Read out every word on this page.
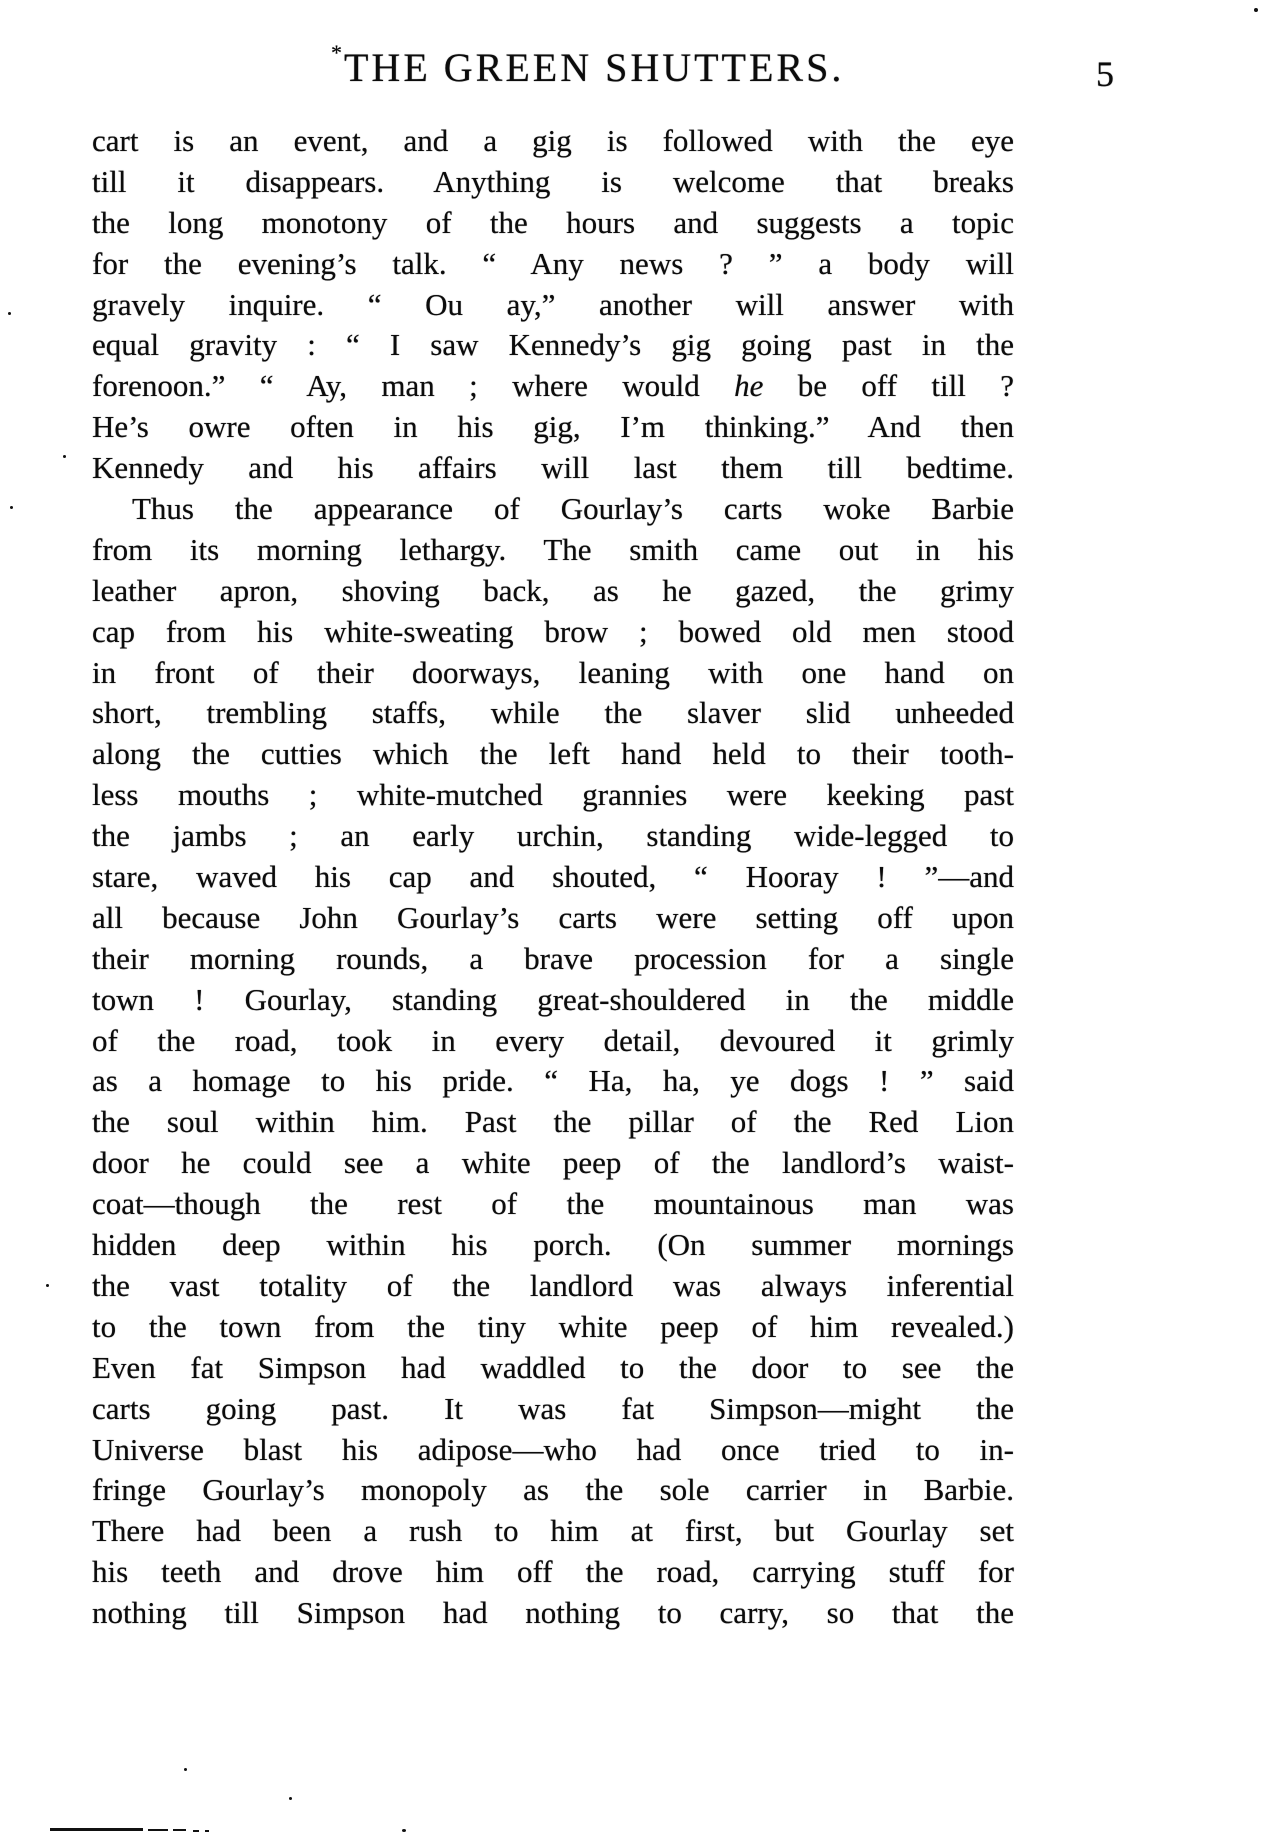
* THE GREEN SHUTTERS.	5
cart is an event, and a gig is followed with the eye
till it disappears. Anything is welcome that breaks
the long monotony of the hours and suggests a topic
for the evening’s talk. “ Any news ? ” a body will
gravely inquire. “ Ou ay,” another will answer with
equal gravity : “ I saw Kennedy’s gig going past in the
forenoon.” “ Ay, man ; where would he be off till ?
He’s owre often in his gig, I’m thinking.” And then
Kennedy and his affairs will last them till bedtime.
Thus the appearance of Gourlay’s carts woke Barbie
from its morning lethargy. The smith came out in his
leather apron, shoving back, as he gazed, the grimy
cap from his white-sweating brow ; bowed old men stood
in front of their doorways, leaning with one hand on
short, trembling staffs, while the slaver slid unheeded
along the cutties which the left hand held to their tooth-
less mouths ; white-mutched grannies were keeking past
the jambs ; an early urchin, standing wide-legged to
stare, waved his cap and shouted, “ Hooray ! ”—and
all because John Gourlay’s carts were setting off upon
their morning rounds, a brave procession for a single
town ! Gourlay, standing great-shouldered in the middle
of the road, took in every detail, devoured it grimly
as a homage to his pride. “ Ha, ha, ye dogs ! ” said
the soul within him. Past the pillar of the Red Lion
door he could see a white peep of the landlord’s waist-
coat—though the rest of the mountainous man was
hidden deep within his porch. (On summer mornings
the vast totality of the landlord was always inferential
to the town from the tiny white peep of him revealed.)
Even fat Simpson had waddled to the door to see the
carts going past. It was fat Simpson—might the
Universe blast his adipose—who had once tried to in-
fringe Gourlay’s monopoly as the sole carrier in Barbie.
There had been a rush to him at first, but Gourlay set
his teeth and drove him off the road, carrying stuff for
nothing till Simpson had nothing to carry, so that the
